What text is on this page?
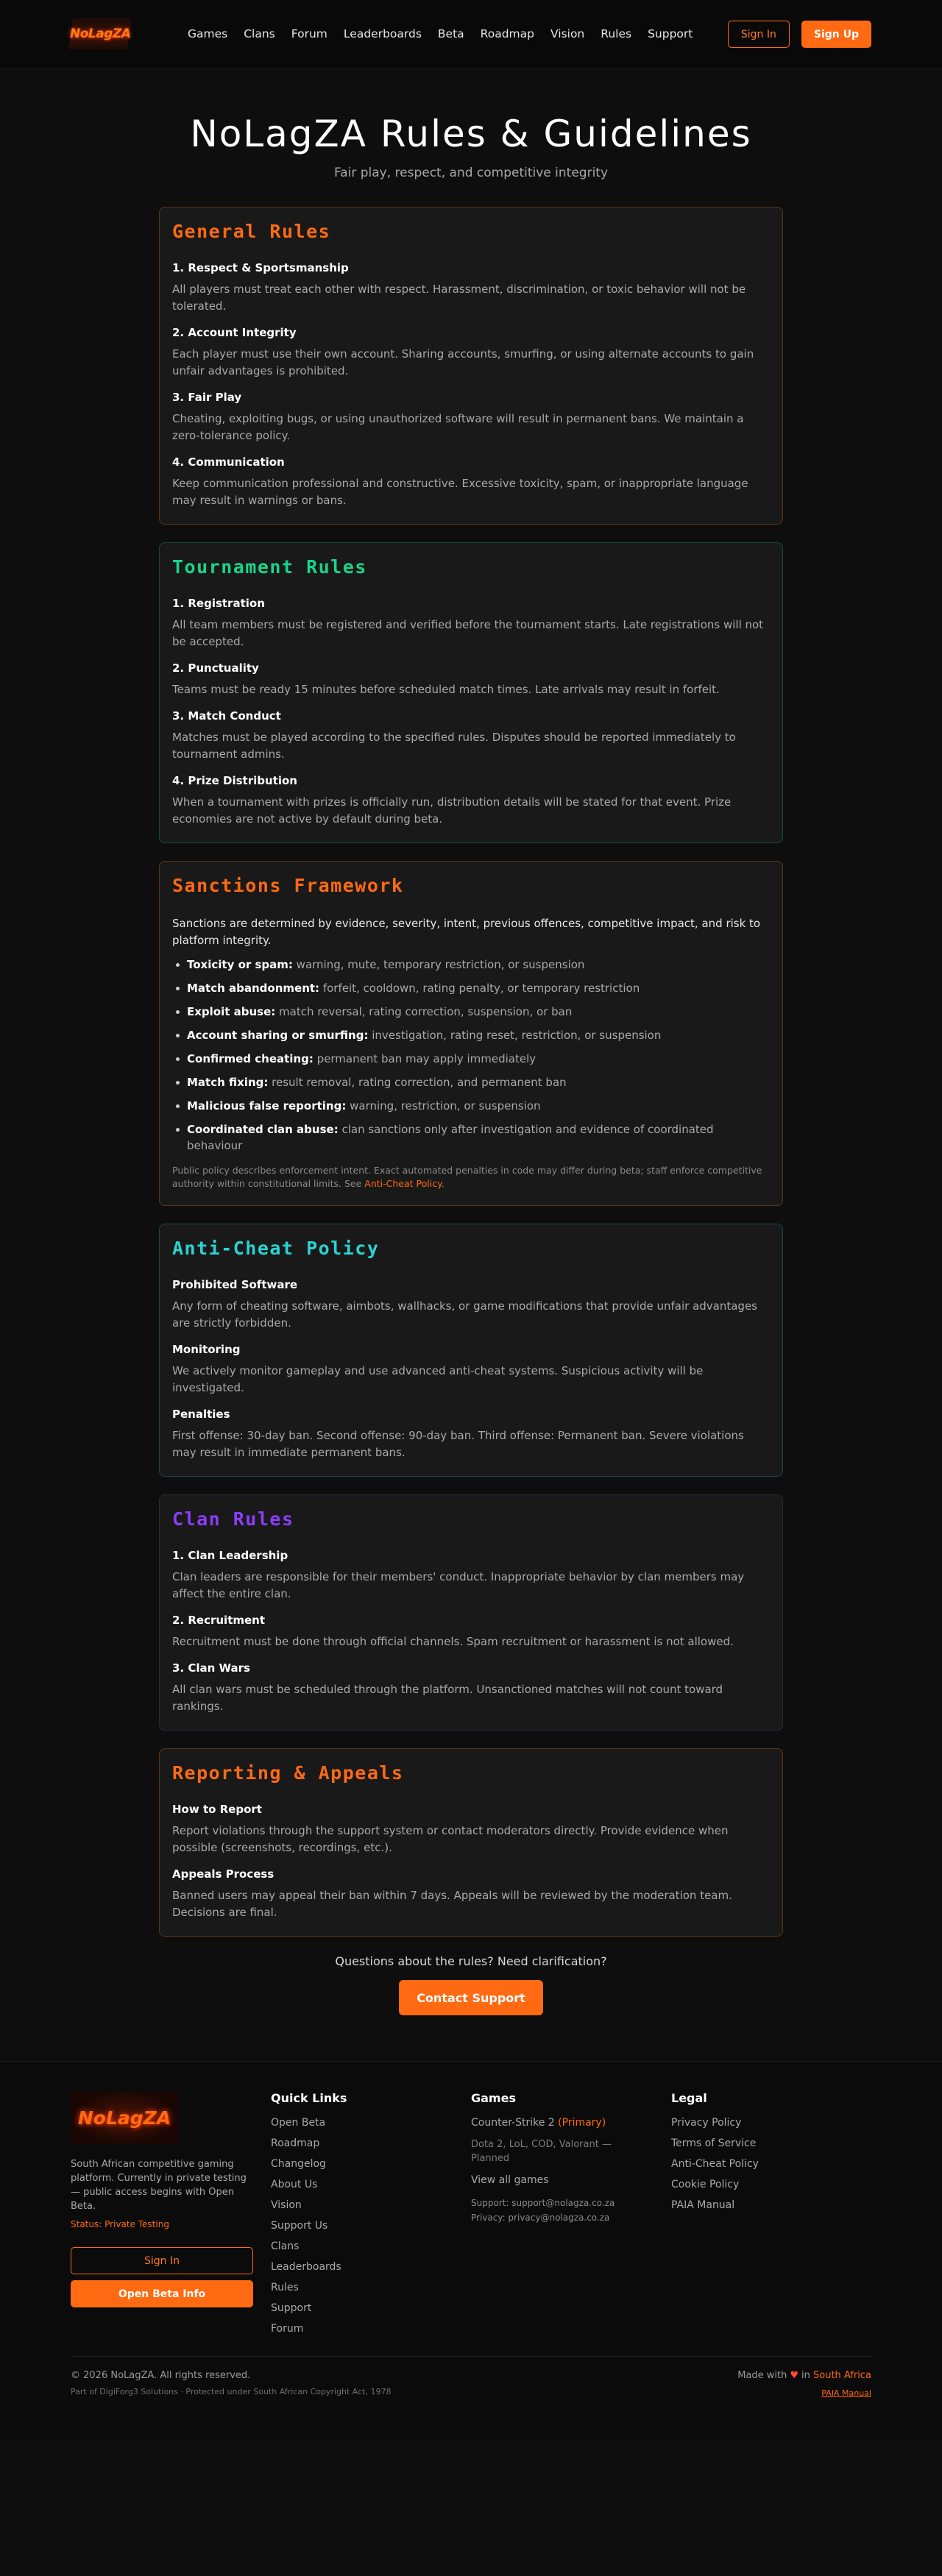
NoLagZA	Games Clans Forum Leaderboards Beta Roadmap Vision Rules Support	Sign In	Sign Up
NoLagZA Rules & Guidelines

Fair play, respect, and competitive integrity

General Rules
1. Respect & Sportsmanship
All players must treat each other with respect. Harassment, discrimination, or toxic behavior will not be tolerated.
2. Account Integrity
Each player must use their own account. Sharing accounts, smurfing, or using alternate accounts to gain unfair advantages is prohibited.
3. Fair Play
Cheating, exploiting bugs, or using unauthorized software will result in permanent bans. We maintain a zero-tolerance policy.
4. Communication
Keep communication professional and constructive. Excessive toxicity, spam, or inappropriate language may result in warnings or bans.
Tournament Rules
1. Registration
All team members must be registered and verified before the tournament starts. Late registrations will not be accepted.
2. Punctuality
Teams must be ready 15 minutes before scheduled match times. Late arrivals may result in forfeit.
3. Match Conduct
Matches must be played according to the specified rules. Disputes should be reported immediately to tournament admins.
4. Prize Distribution
When a tournament with prizes is officially run, distribution details will be stated for that event. Prize economies are not active by default during beta.
Sanctions Framework
Sanctions are determined by evidence, severity, intent, previous offences, competitive impact, and risk to platform integrity.
Toxicity or spam: warning, mute, temporary restriction, or suspension
Match abandonment: forfeit, cooldown, rating penalty, or temporary restriction
Exploit abuse: match reversal, rating correction, suspension, or ban
Account sharing or smurfing: investigation, rating reset, restriction, or suspension
Confirmed cheating: permanent ban may apply immediately
Match fixing: result removal, rating correction, and permanent ban
Malicious false reporting: warning, restriction, or suspension
Coordinated clan abuse: clan sanctions only after investigation and evidence of coordinated behaviour
Public policy describes enforcement intent. Exact automated penalties in code may differ during beta; staff enforce competitive authority within constitutional limits. See Anti-Cheat Policy.
Anti-Cheat Policy
Prohibited Software
Any form of cheating software, aimbots, wallhacks, or game modifications that provide unfair advantages are strictly forbidden.
Monitoring
We actively monitor gameplay and use advanced anti-cheat systems. Suspicious activity will be investigated.
Penalties
First offense: 30-day ban. Second offense: 90-day ban. Third offense: Permanent ban. Severe violations may result in immediate permanent bans.
Clan Rules
1. Clan Leadership
Clan leaders are responsible for their members' conduct. Inappropriate behavior by clan members may affect the entire clan.
2. Recruitment
Recruitment must be done through official channels. Spam recruitment or harassment is not allowed.
3. Clan Wars
All clan wars must be scheduled through the platform. Unsanctioned matches will not count toward rankings.
Reporting & Appeals
How to Report
Report violations through the support system or contact moderators directly. Provide evidence when possible (screenshots, recordings, etc.).
Appeals Process
Banned users may appeal their ban within 7 days. Appeals will be reviewed by the moderation team. Decisions are final.

Questions about the rules? Need clarification?

Contact Support
NoLagZA
South African competitive gaming platform. Currently in private testing — public access begins with Open Beta.
Status: Private Testing
Sign In
Open Beta Info
Quick Links
Open Beta
Roadmap
Changelog
About Us
Vision
Support Us
Clans
Leaderboards
Rules
Support
Forum
Games
Counter-Strike 2 (Primary)
Dota 2, LoL, COD, Valorant — Planned
View all games
Support: support@nolagza.co.za
Privacy: privacy@nolagza.co.za
Legal
Privacy Policy
Terms of Service
Anti-Cheat Policy
Cookie Policy
PAIA Manual
© 2026 NoLagZA. All rights reserved.
Part of DigiForg3 Solutions · Protected under South African Copyright Act, 1978
Made with ♥ in South Africa
PAIA Manual
